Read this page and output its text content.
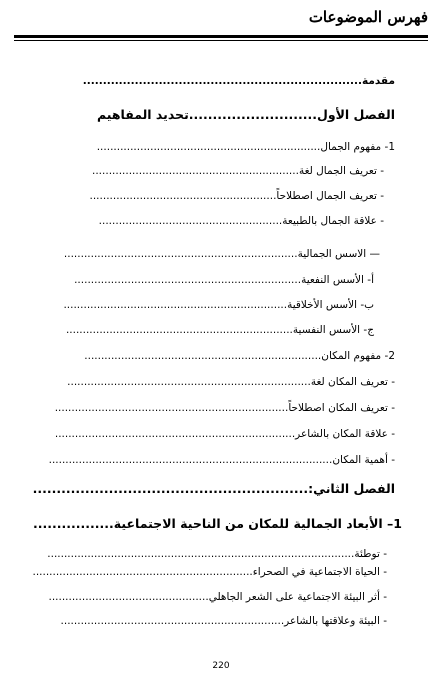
فهرس الموضوعات
مقدمة......................................................................
الفصل الأول...........................تحديد المفاهيم
1- مفهوم الجمال...................................................................
- تعريف الجمال لغة..............................................................
- تعريف الجمال اصطلاحاً........................................................
- علاقة الجمال بالطبيعة.......................................................
— الاسس الجمالية......................................................................
أ- الأسس النفعية....................................................................
ب- الأسس الأخلاقية...................................................................
ج- الأسس النفسية....................................................................
2- مفهوم المكان.......................................................................
- تعريف المكان لغة.........................................................................
- تعريف المكان اصطلاحاً......................................................................
- علاقة المكان بالشاعر........................................................................
- أهمية المكان.....................................................................................
الفصل الثاني:..........................................................
1– الأبعاد الجمالية للمكان من الناحية الاجتماعية.................
- توطئة............................................................................................
- الحياة الاجتماعية في الصحراء..................................................................
- أثر البيئة الاجتماعية على الشعر الجاهلي................................................
- البيئة وعلاقتها بالشاعر...................................................................
220
